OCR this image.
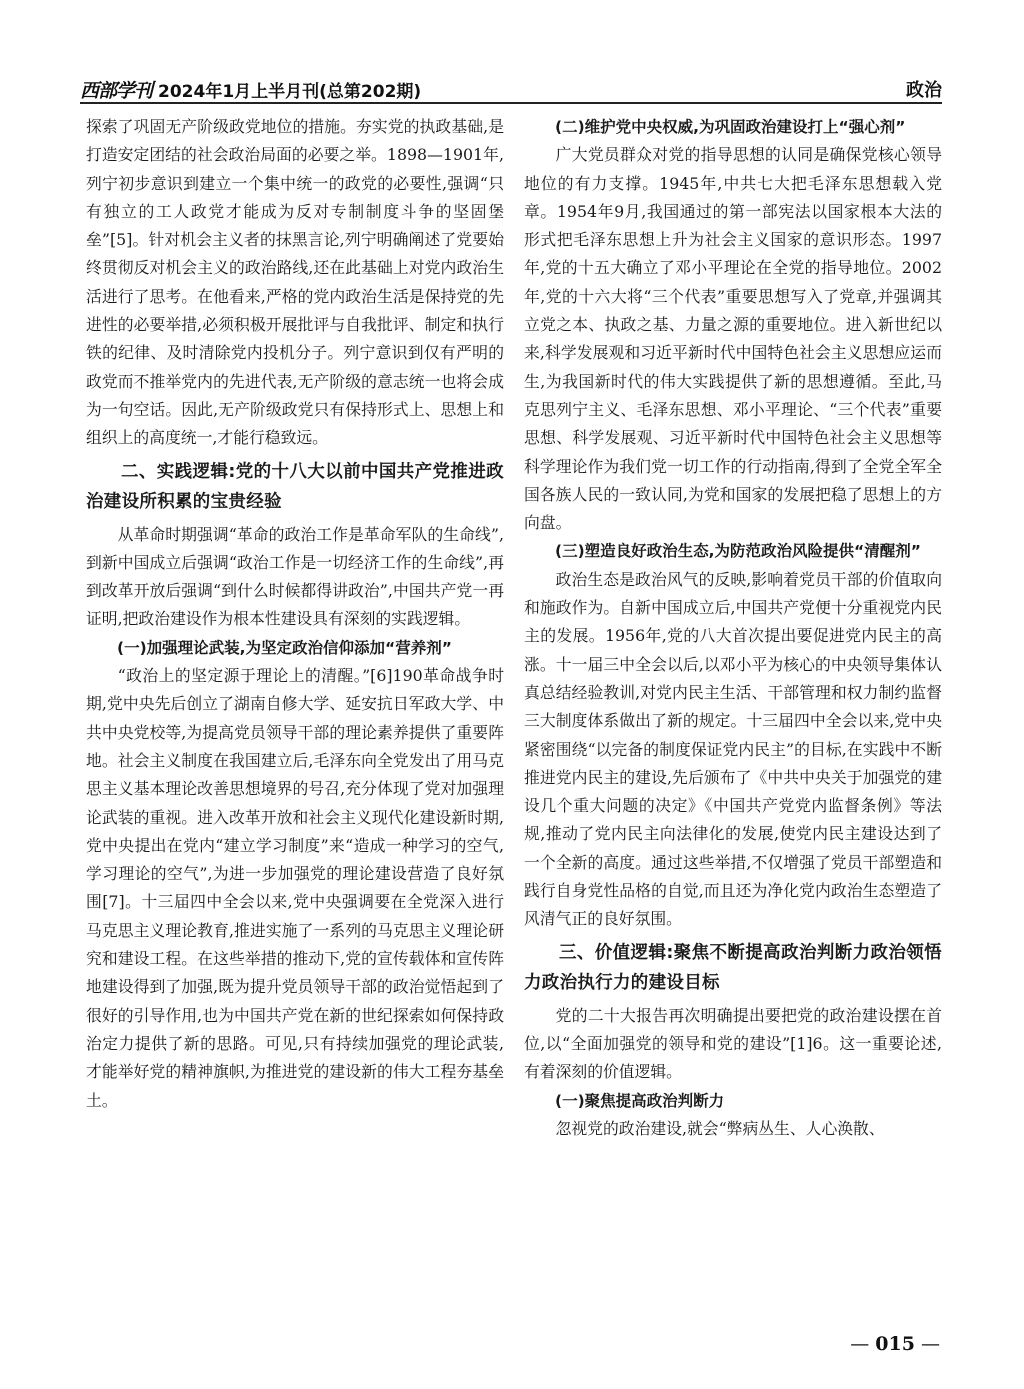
西部学刊 2024年1月上半月刊(总第202期)	政治

探索了巩固无产阶级政党地位的措施。夯实党的执政基础,是打造安定团结的社会政治局面的必要之举。1898—1901年,列宁初步意识到建立一个集中统一的政党的必要性,强调“只有独立的工人政党才能成为反对专制制度斗争的坚固堡垒”[5]。针对机会主义者的抹黑言论,列宁明确阐述了党要始终贯彻反对机会主义的政治路线,还在此基础上对党内政治生活进行了思考。在他看来,严格的党内政治生活是保持党的先进性的必要举措,必须积极开展批评与自我批评、制定和执行铁的纪律、及时清除党内投机分子。列宁意识到仅有严明的政党而不推举党内的先进代表,无产阶级的意志统一也将会成为一句空话。因此,无产阶级政党只有保持形式上、思想上和组织上的高度统一,才能行稳致远。

二、实践逻辑:党的十八大以前中国共产党推进政治建设所积累的宝贵经验

从革命时期强调“革命的政治工作是革命军队的生命线”,到新中国成立后强调“政治工作是一切经济工作的生命线”,再到改革开放后强调“到什么时候都得讲政治”,中国共产党一再证明,把政治建设作为根本性建设具有深刻的实践逻辑。

(一)加强理论武装,为坚定政治信仰添加“营养剂”

“政治上的坚定源于理论上的清醒。”[6]190革命战争时期,党中央先后创立了湖南自修大学、延安抗日军政大学、中共中央党校等,为提高党员领导干部的理论素养提供了重要阵地。社会主义制度在我国建立后,毛泽东向全党发出了用马克思主义基本理论改善思想境界的号召,充分体现了党对加强理论武装的重视。进入改革开放和社会主义现代化建设新时期,党中央提出在党内“建立学习制度”来“造成一种学习的空气,学习理论的空气”,为进一步加强党的理论建设营造了良好氛围[7]。十三届四中全会以来,党中央强调要在全党深入进行马克思主义理论教育,推进实施了一系列的马克思主义理论研究和建设工程。在这些举措的推动下,党的宣传载体和宣传阵地建设得到了加强,既为提升党员领导干部的政治觉悟起到了很好的引导作用,也为中国共产党在新的世纪探索如何保持政治定力提供了新的思路。可见,只有持续加强党的理论武装,才能举好党的精神旗帜,为推进党的建设新的伟大工程夯基垒土。

(二)维护党中央权威,为巩固政治建设打上“强心剂”

广大党员群众对党的指导思想的认同是确保党核心领导地位的有力支撑。1945年,中共七大把毛泽东思想载入党章。1954年9月,我国通过的第一部宪法以国家根本大法的形式把毛泽东思想上升为社会主义国家的意识形态。1997年,党的十五大确立了邓小平理论在全党的指导地位。2002年,党的十六大将“三个代表”重要思想写入了党章,并强调其立党之本、执政之基、力量之源的重要地位。进入新世纪以来,科学发展观和习近平新时代中国特色社会主义思想应运而生,为我国新时代的伟大实践提供了新的思想遵循。至此,马克思列宁主义、毛泽东思想、邓小平理论、“三个代表”重要思想、科学发展观、习近平新时代中国特色社会主义思想等科学理论作为我们党一切工作的行动指南,得到了全党全军全国各族人民的一致认同,为党和国家的发展把稳了思想上的方向盘。

(三)塑造良好政治生态,为防范政治风险提供“清醒剂”

政治生态是政治风气的反映,影响着党员干部的价值取向和施政作为。自新中国成立后,中国共产党便十分重视党内民主的发展。1956年,党的八大首次提出要促进党内民主的高涨。十一届三中全会以后,以邓小平为核心的中央领导集体认真总结经验教训,对党内民主生活、干部管理和权力制约监督三大制度体系做出了新的规定。十三届四中全会以来,党中央紧密围绕“以完备的制度保证党内民主”的目标,在实践中不断推进党内民主的建设,先后颁布了《中共中央关于加强党的建设几个重大问题的决定》《中国共产党党内监督条例》等法规,推动了党内民主向法律化的发展,使党内民主建设达到了一个全新的高度。通过这些举措,不仅增强了党员干部塑造和践行自身党性品格的自觉,而且还为净化党内政治生态塑造了风清气正的良好氛围。

三、价值逻辑:聚焦不断提高政治判断力政治领悟力政治执行力的建设目标

党的二十大报告再次明确提出要把党的政治建设摆在首位,以“全面加强党的领导和党的建设”[1]6。这一重要论述,有着深刻的价值逻辑。

(一)聚焦提高政治判断力

忽视党的政治建设,就会“弊病丛生、人心涣散、

— 015 —
